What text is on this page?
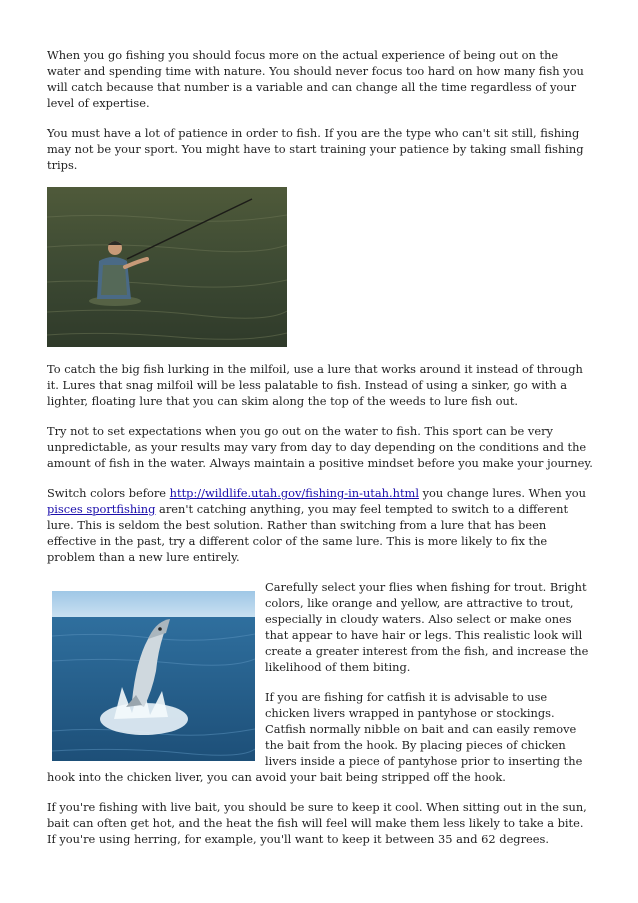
When you go fishing you should focus more on the actual experience of being out on the water and spending time with nature. You should never focus too hard on how many fish you will catch because that number is a variable and can change all the time regardless of your level of expertise.

You must have a lot of patience in order to fish. If you are the type who can't sit still, fishing may not be your sport. You might have to start training your patience by taking small fishing trips.

To catch the big fish lurking in the milfoil, use a lure that works around it instead of through it. Lures that snag milfoil will be less palatable to fish. Instead of using a sinker, go with a lighter, floating lure that you can skim along the top of the weeds to lure fish out.

Try not to set expectations when you go out on the water to fish. This sport can be very unpredictable, as your results may vary from day to day depending on the conditions and the amount of fish in the water. Always maintain a positive mindset before you make your journey.

Switch colors before http://wildlife.utah.gov/fishing-in-utah.html you change lures. When you pisces sportfishing aren't catching anything, you may feel tempted to switch to a different lure. This is seldom the best solution. Rather than switching from a lure that has been effective in the past, try a different color of the same lure. This is more likely to fix the problem than a new lure entirely.

Carefully select your flies when fishing for trout. Bright colors, like orange and yellow, are attractive to trout, especially in cloudy waters. Also select or make ones that appear to have hair or legs. This realistic look will create a greater interest from the fish, and increase the likelihood of them biting.

If you are fishing for catfish it is advisable to use chicken livers wrapped in pantyhose or stockings. Catfish normally nibble on bait and can easily remove the bait from the hook. By placing pieces of chicken livers inside a piece of pantyhose prior to inserting the hook into the chicken liver, you can avoid your bait being stripped off the hook.

If you're fishing with live bait, you should be sure to keep it cool. When sitting out in the sun, bait can often get hot, and the heat the fish will feel will make them less likely to take a bite. If you're using herring, for example, you'll want to keep it between 35 and 62 degrees.
